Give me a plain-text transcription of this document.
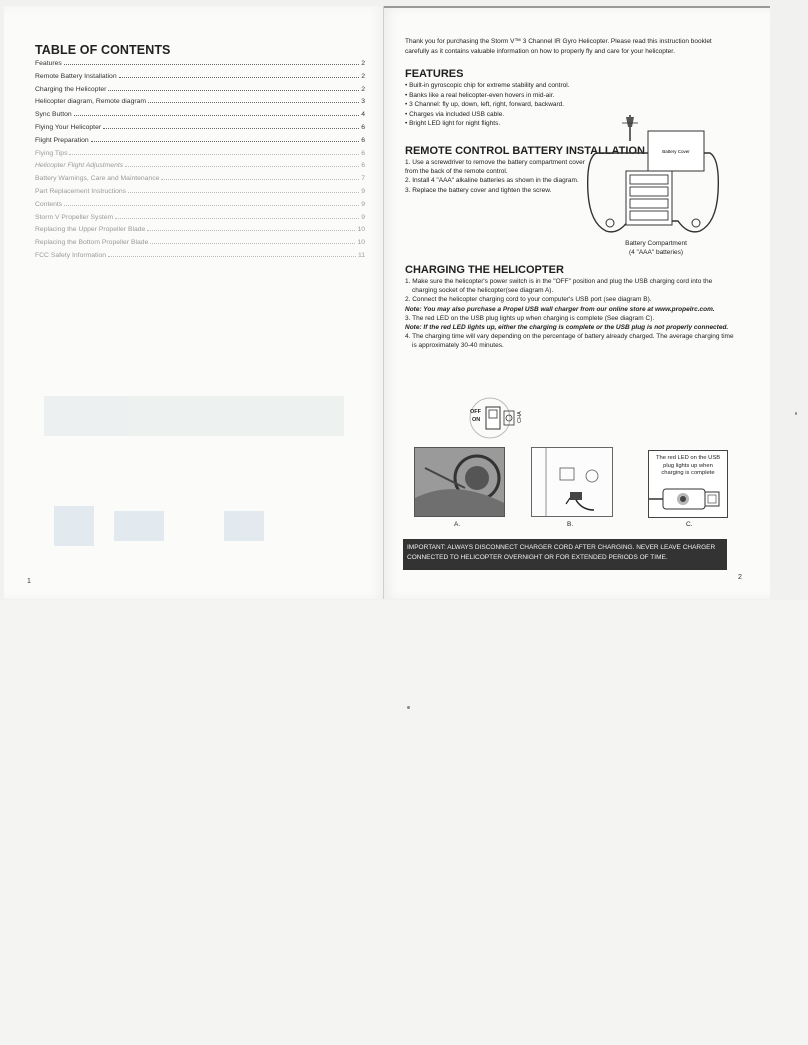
TABLE OF CONTENTS
Features	2
Remote Battery Installation	2
Charging the Helicopter	2
Helicopter diagram, Remote diagram	3
Sync Button	4
Flying Your Helicopter	6
Flight Preparation	6
Flying Tips	6
Helicopter Flight Adjustments	6
Battery Warnings, Care and Maintenance	7
Part Replacement Instructions	9
Contents	9
Storm V Propeller System	9
Replacing the Upper Propeller Blade	10
Replacing the Bottom Propeller Blade	10
FCC Safety Information	11
1

Thank you for purchasing the Storm V™ 3 Channel IR Gyro Helicopter. Please read this instruction booklet carefully as it contains valuable information on how to properly fly and care for your helicopter.

FEATURES
• Built-in gyroscopic chip for extreme stability and control.
• Banks like a real helicopter-even hovers in mid-air.
• 3 Channel: fly up, down, left, right, forward, backward.
• Charges via included USB cable.
• Bright LED light for night flights.
REMOTE CONTROL BATTERY INSTALLATION
1. Use a screwdriver to remove the battery compartment cover from the back of the remote control.
2. Install 4 "AAA" alkaline batteries as shown in the diagram.
3. Replace the battery cover and tighten the screw.
Battery Cover
Battery Compartment
(4 "AAA" batteries)
CHARGING THE HELICOPTER
1. Make sure the helicopter's power switch is in the "OFF" position and plug the USB charging cord into the charging socket of the helicopter(see diagram A).
2. Connect the helicopter charging cord to your computer's USB port (see diagram B).
Note: You may also purchase a Propel USB wall charger from our online store at www.propelrc.com.
3. The red LED on the USB plug lights up when charging is complete (See diagram C).
Note: If the red LED lights up, either the charging is complete or the USB plug is not properly connected.
4. The charging time will vary depending on the percentage of battery already charged. The average charging time is approximately 30-40 minutes.
OFF
ON	CHA
A.	B.
The red LED on the USB plug lights up when charging is complete
C.
IMPORTANT: ALWAYS DISCONNECT CHARGER CORD AFTER CHARGING. NEVER LEAVE CHARGER CONNECTED TO HELICOPTER OVERNIGHT OR FOR EXTENDED PERIODS OF TIME.
2
